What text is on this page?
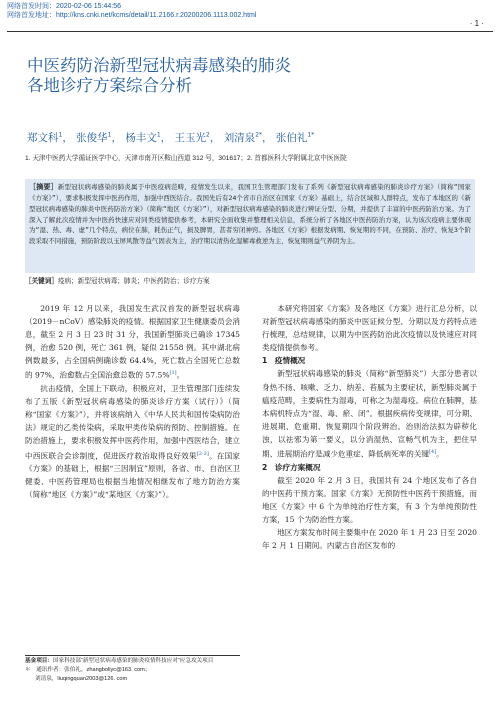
网络首发时间：2020-02-06 15:44:56
网络首发地址：http://kns.cnki.net/kcms/detail/11.2166.r.20200206.1113.002.html
· 1 ·
中医药防治新型冠状病毒感染的肺炎
各地诊疗方案综合分析
郑文科$^1$， 张俊华$^1$， 杨丰文$^1$， 王玉光$^2$， 刘清泉$^{2*}$， 张伯礼$^{1*}$
1. 天津中医药大学循证医学中心，天津市南开区鞍山西道 312 号，301617；2. 首都医科大学附属北京中医医院

［摘要］新型冠状病毒感染的肺炎属于中医疫病范畴，疫情发生以来，我国卫生管理部门发布了系列《新型冠状病毒感染的肺炎诊疗方案》（简称“国家《方案》”），要求积极发挥中医药作用，加强中西医结合。我国先后有24个省市自治区在国家《方案》基础上，结合区域和人群特点，发布了本地区的《新型冠状病毒感染的肺炎中医药防治方案》（简称“地区《方案》”），对新型冠状病毒感染的肺炎进行辨证分型、分期，并提供了丰富的中医药防治方案。为了深入了解此次疫情并为中医药快速应对同类疫情提供参考，本研究全面收集并整理相关信息，系统分析了各地区中医药防治方案，认为该次疫病主要体现为“湿、热、毒、虚”几个特点，病位在肺，耗伤正气，损及脾胃，甚者穷闭神窍。各地区《方案》根据发病期、恢复期的不同，在预防、治疗、恢复3个阶段采取不同措施，预防阶段以玉屏风散等益气固表为主，治疗期以清热化湿解毒救逆为主，恢复期则益气养阴为主。

［关键词］疫病；新型冠状病毒；肺炎；中医药防治；诊疗方案

2019 年 12 月以来，我国发生武汉首发的新型冠状病毒（2019－nCoV）感染肺炎的疫情。根据国家卫生健康委员会消息，截至 2 月 3 日 23 时 31 分，我国新型肺炎已确诊 17345 例，治愈 520 例，死亡 361 例，疑似 21558 例。其中湖北病例数最多，占全国病例确诊数 64.4%，死亡数占全国死亡总数的 97%，治愈数占全国治愈总数的 57.5%[1]。

抗击疫情，全国上下联动，积极应对，卫生管理部门连续发布了五版《新型冠状病毒感染的肺炎诊疗方案（试行）》（简称“国家《方案》”），并将该病纳入《中华人民共和国传染病防治法》规定的乙类传染病，采取甲类传染病的预防、控制措施。在防治措施上，要求积极发挥中医药作用，加强中西医结合，建立中西医联合会诊制度，促进医疗救治取得良好效果[2-3]。在国家《方案》的基础上，根据“三因制宜”原则，各省、市、自治区卫健委、中医药管理局也根据当地情况相继发布了地方防治方案（简称“地区《方案》”或“某地区《方案》”）。

本研究将国家《方案》及各地区《方案》进行汇总分析，以对新型冠状病毒感染的肺炎中医证候分型、分期以及方药特点进行梳理，总结规律，以期为中医药防治此次疫情以及快速应对同类疫情提供参考。

1　疫情概况

新型冠状病毒感染的肺炎（简称“新型肺炎”）大部分患者以身热不扬、咳嗽、乏力、纳差、苔腻为主要症状，新型肺炎属于瘟疫范畴，主要病性为湿毒，可称之为湿毒疫。病位在肺脾，基本病机特点为“湿、毒、瘀、闭”。根据疾病传变规律，可分期、进展期、危重期、恢复期四个阶段辨治。治则治法拟为辟秽化浊，以祛邪为第一要义，以分消湿热、宣畅气机为主，把住早期、进展期治疗是减少危重症、降低病死率的关键[4]。

2　诊疗方案概况

截至 2020 年 2 月 3 日，我国共有 24 个地区发布了各自的中医药干预方案。国家《方案》无预防性中医药干预措施，而地区《方案》中 6 个为单纯治疗性方案，有 3 个为单纯预防性方案，15 个为防治性方案。

地区方案发布时间主要集中在 2020 年 1 月 23 日至 2020 年 2 月 1 日期间。内蒙古自治区发布的

基金项目：国家科技部“新型冠状病毒感染的肺炎疫情科技应对”应急攻关项目
＊　通讯作者：张伯礼，zhangboliyc@163. com；
刘清泉，liuqingquan2003@126. com
